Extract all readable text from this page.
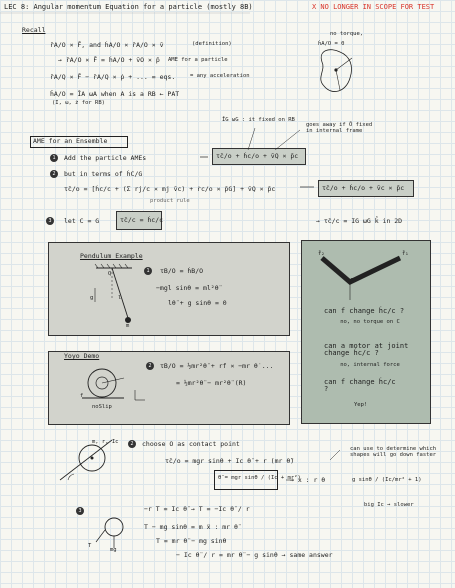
LEC 8: Angular momentum Equation for a particle (mostly 8B)	X NO LONGER IN SCOPE FOR TEST
Recall
r̄A/O × F̄, and ḣA/O × r̄A/O × v̄	(definition)
→ r̄A/O × F̄ = ḣA/O + v̄O × p̄ AME for a particle
r̄A/Q × F̄ − r̄A/Q × ṗ + ... = eqs.	= any acceleration
ĥA/O = ÎA ωA when A is a RB ← PAT
(I, ω, ż for RB)
no torque,
ḣA/O = 0
ÎG ωG : it fixed on RB
goes away if Ō fixed in internal frame
AME for an Ensemble
1	Add the particle AMEs	τ̄c/o + ḣc/o + v̄Q × p̄c
2	but in terms of ḣC/G
τ̄c/o = [ḣc/c + (Σ rj/c × mj v̄c) + ṙc/o × p̄G] + v̄Q × p̄c
product rule
τ̄c/o + ḣc/o + v̄c × p̄c
3	let C = G	τ̄c/c = ḣc/c	→ τ̄c/c = IG ω̇G k̂ in 2D
Pendulum Example
1	τ̄B/O = ḣB/O
−mgl sinθ = ml²θ̈
lθ̈ + g sinθ = 0
Q
m
g	l
Yoyo Demo
2	τ̄B/O = ½mr²θ̈ + rf × −mr θ̇ ...
= ½mr²θ̈ − mr²θ̈ (R)
noSlip
f
f̄₂	f̄₁
C
can f change ḣc/c ?
no, no torque on C
can a motor at joint change ḣc/c ?
no, internal force
can f change ḣc/c ?
Yep!
m, r, Ic	2	choose O as contact point
τ̄c/o = mgr sinθ + Ic θ̈ + r (mr θ̈)
θ̈ = mgr sinθ / (Ic + mr²)
→ x : r θ
can use to determine which shapes will go down faster
g sinθ / (Ic/mr² + 1)
big Ic → slower
3	−r T = Ic θ̈ → T = −Ic θ̈ / r
T − mg sinθ = m ẍ : mr θ̈
T = mr θ̈ − mg sinθ
− Ic θ̈ / r = mr θ̈ − g sinθ → same answer
mg
T
